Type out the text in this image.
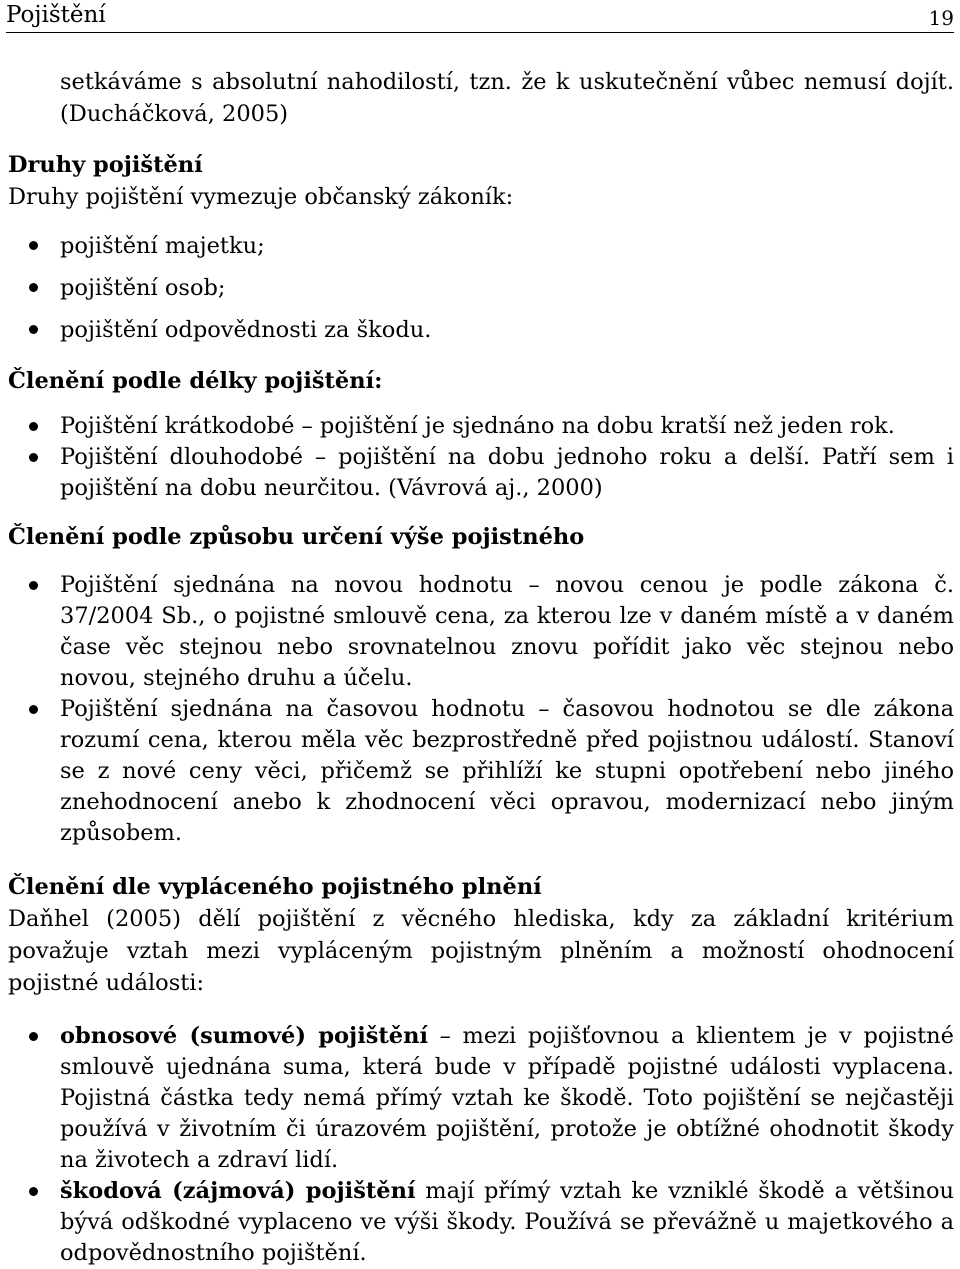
Pojištění	19

setkáváme s absolutní nahodilostí, tzn. že k uskutečnění vůbec nemusí dojít. (Ducháčková, 2005)

Druhy pojištění

Druhy pojištění vymezuje občanský zákoník:

pojištění majetku;
pojištění osob;
pojištění odpovědnosti za škodu.

Členění podle délky pojištění:

Pojištění krátkodobé – pojištění je sjednáno na dobu kratší než jeden rok.
Pojištění dlouhodobé – pojištění na dobu jednoho roku a delší. Patří sem i pojištění na dobu neurčitou. (Vávrová aj., 2000)

Členění podle způsobu určení výše pojistného

Pojištění sjednána na novou hodnotu – novou cenou je podle zákona č. 37/2004 Sb., o pojistné smlouvě cena, za kterou lze v daném místě a v daném čase věc stejnou nebo srovnatelnou znovu pořídit jako věc stejnou nebo novou, stejného druhu a účelu.
Pojištění sjednána na časovou hodnotu – časovou hodnotou se dle zákona rozumí cena, kterou měla věc bezprostředně před pojistnou událostí. Stanoví se z nové ceny věci, přičemž se přihlíží ke stupni opotřebení nebo jiného znehodnocení anebo k zhodnocení věci opravou, modernizací nebo jiným způsobem.

Členění dle vypláceného pojistného plnění

Daňhel (2005) dělí pojištění z věcného hlediska, kdy za základní kritérium považuje vztah mezi vypláceným pojistným plněním a možností ohodnocení pojistné události:

obnosové (sumové) pojištění – mezi pojišťovnou a klientem je v pojistné smlouvě ujednána suma, která bude v případě pojistné události vyplacena. Pojistná částka tedy nemá přímý vztah ke škodě. Toto pojištění se nejčastěji používá v životním či úrazovém pojištění, protože je obtížné ohodnotit škody na životech a zdraví lidí.
škodová (zájmová) pojištění mají přímý vztah ke vzniklé škodě a většinou bývá odškodné vyplaceno ve výši škody. Používá se převážně u majetkového a odpovědnostního pojištění.
